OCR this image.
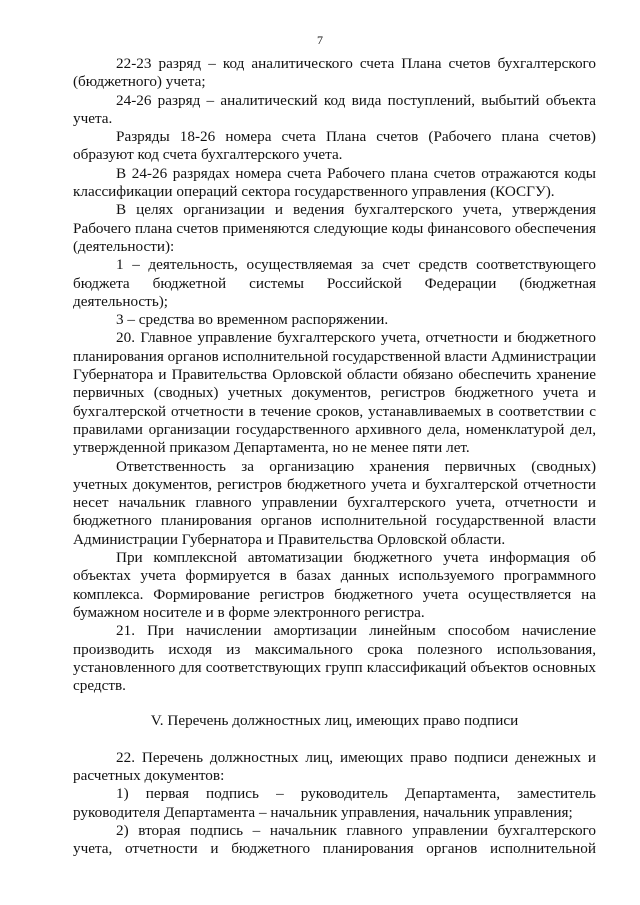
7

22-23 разряд – код аналитического счета Плана счетов бухгалтерского (бюджетного) учета;

24-26 разряд – аналитический код вида поступлений, выбытий объекта учета.

Разряды 18-26 номера счета Плана счетов (Рабочего плана счетов) образуют код счета бухгалтерского учета.

В 24-26 разрядах номера счета Рабочего плана счетов отражаются коды классификации операций сектора государственного управления (КОСГУ).

В целях организации и ведения бухгалтерского учета, утверждения Рабочего плана счетов применяются следующие коды финансового обеспечения (деятельности):

1 – деятельность, осуществляемая за счет средств соответствующего бюджета бюджетной системы Российской Федерации (бюджетная деятельность);

3 – средства во временном распоряжении.

20. Главное управление бухгалтерского учета, отчетности и бюджетного планирования органов исполнительной государственной власти Администрации Губернатора и Правительства Орловской области обязано обеспечить хранение первичных (сводных) учетных документов, регистров бюджетного учета и бухгалтерской отчетности в течение сроков, устанавливаемых в соответствии с правилами организации государственного архивного дела, номенклатурой дел, утвержденной приказом Департамента, но не менее пяти лет.

Ответственность за организацию хранения первичных (сводных) учетных документов, регистров бюджетного учета и бухгалтерской отчетности несет начальник главного управлении бухгалтерского учета, отчетности и бюджетного планирования органов исполнительной государственной власти Администрации Губернатора и Правительства Орловской области.

При комплексной автоматизации бюджетного учета информация об объектах учета формируется в базах данных используемого программного комплекса. Формирование регистров бюджетного учета осуществляется на бумажном носителе и в форме электронного регистра.

21. При начислении амортизации линейным способом начисление производить исходя из максимального срока полезного использования, установленного для соответствующих групп классификаций объектов основных средств.

V. Перечень должностных лиц, имеющих право подписи

22. Перечень должностных лиц, имеющих право подписи денежных и расчетных документов:

1) первая подпись – руководитель Департамента, заместитель руководителя Департамента – начальник управления, начальник управления;

2) вторая подпись – начальник главного управлении бухгалтерского учета, отчетности и бюджетного планирования органов исполнительной
